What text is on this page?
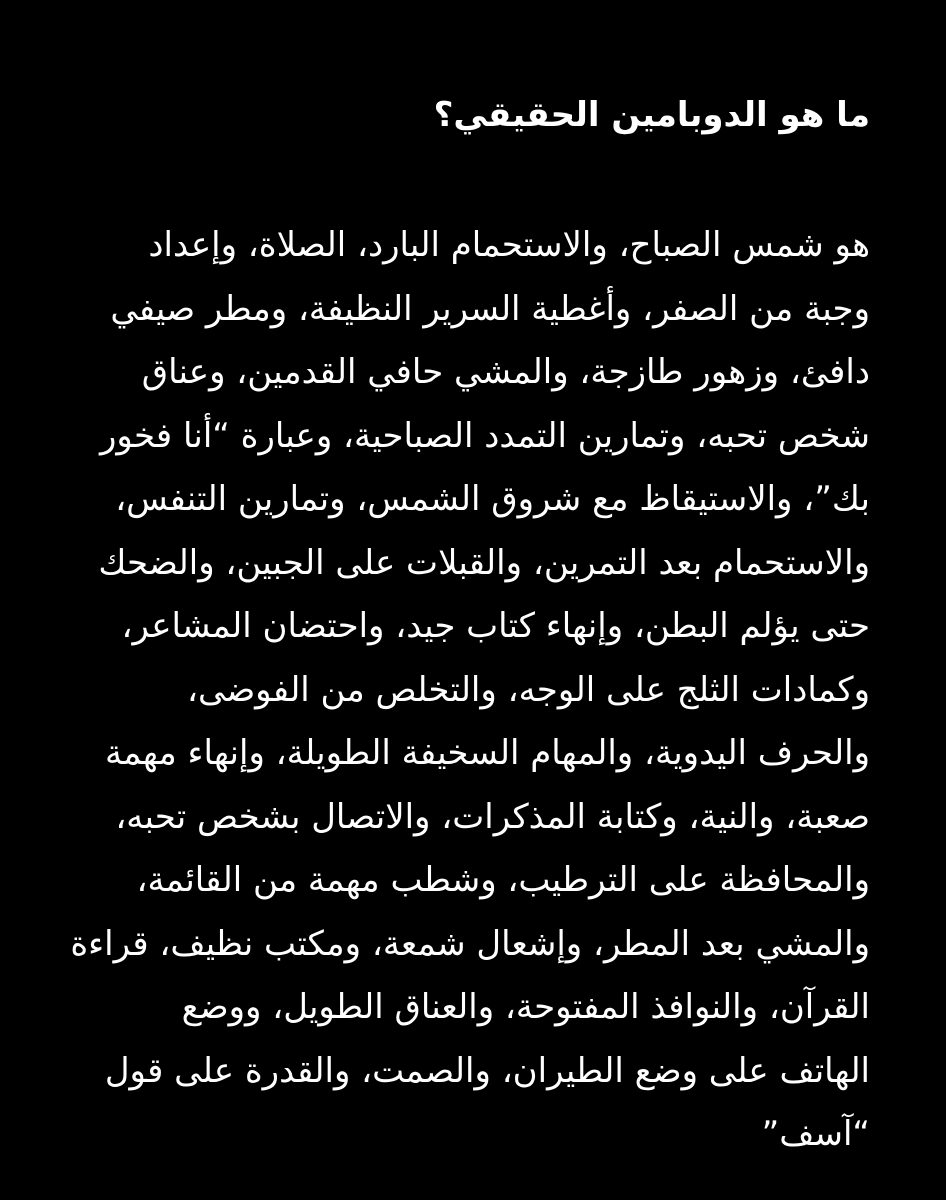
ما هو الدوبامين الحقيقي؟
هو شمس الصباح، والاستحمام البارد، الصلاة، وإعداد
وجبة من الصفر، وأغطية السرير النظيفة، ومطر صيفي
دافئ، وزهور طازجة، والمشي حافي القدمين، وعناق
شخص تحبه، وتمارين التمدد الصباحية، وعبارة “أنا فخور
بك”، والاستيقاظ مع شروق الشمس، وتمارين التنفس،
والاستحمام بعد التمرين، والقبلات على الجبين، والضحك
حتى يؤلم البطن، وإنهاء كتاب جيد، واحتضان المشاعر،
وكمادات الثلج على الوجه، والتخلص من الفوضى،
والحرف اليدوية، والمهام السخيفة الطويلة، وإنهاء مهمة
صعبة، والنية، وكتابة المذكرات، والاتصال بشخص تحبه،
والمحافظة على الترطيب، وشطب مهمة من القائمة،
والمشي بعد المطر، وإشعال شمعة، ومكتب نظيف، قراءة
القرآن، والنوافذ المفتوحة، والعناق الطويل، ووضع
الهاتف على وضع الطيران، والصمت، والقدرة على قول
“آسف”
